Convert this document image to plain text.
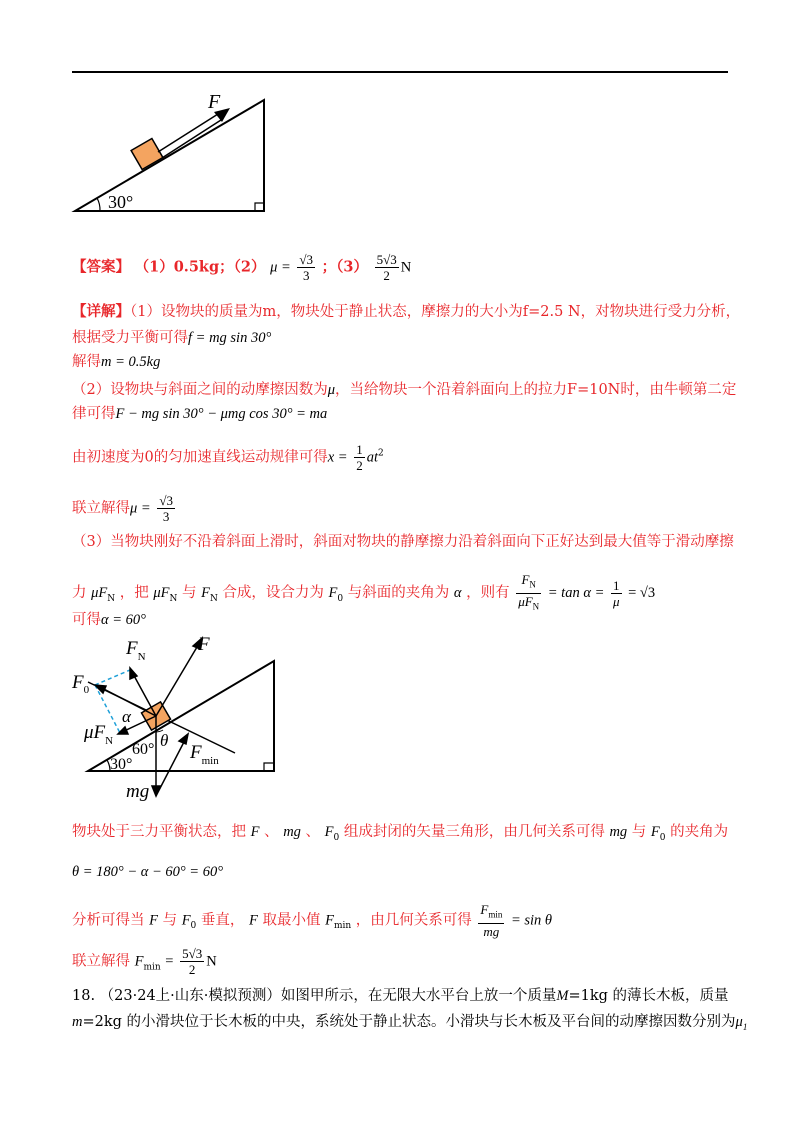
F
30°
【答案】 （1）0.5kg；（2） $\mu = \frac{√3}{3}$ ；$(3) \frac{5√3}{2}$ N
【详解】（1）设物块的质量为m，物块处于静止状态，摩擦力的大小为f=2.5 N，对物块进行受力分析，
根据受力平衡可得f = mg sin 30°
解得m = 0.5kg
（2）设物块与斜面之间的动摩擦因数为μ，当给物块一个沿着斜面向上的拉力F=10N时，由牛顿第二定
律可得F − mg sin 30° − μmg cos 30° = ma
由初速度为0的匀加速直线运动规律可得$x = \frac{1}{2} at^2$
联立解得$\mu = \frac{√3}{3}$
（3）当物块刚好不沿着斜面上滑时，斜面对物块的静摩擦力沿着斜面向下正好达到最大值等于滑动摩擦
力 $\mu F_N$ ，把 $\mu F_N$ 与 $F_N$ 合成，设合力为 $F_0$ 与斜面的夹角为 α ，则有 $\frac{F_N}{\mu F_N} = \tan \alpha = \frac{1}{\mu} = √3$
可得α = 60°
F
$F_N$
$F_0$
α
$\mu F_N$ 60° θ
$F_{min}$
30°
mg
物块处于三力平衡状态，把 F 、 mg 、 $F_0$ 组成封闭的矢量三角形，由几何关系可得 mg 与 $F_0$ 的夹角为
θ = 180° − α − 60° = 60°
分析可得当 F 与 $F_0$ 垂直， F 取最小值 $F_{min}$ ，由几何关系可得 $\frac{F_{min}}{mg} = \sin \theta$
联立解得 $F_{min} = \frac{5√3}{2}$ N
18. （23·24上·山东·模拟预测）如图甲所示，在无限大水平台上放一个质量M=1kg 的薄长木板，质量
m=2kg 的小滑块位于长木板的中央，系统处于静止状态。小滑块与长木板及平台间的动摩擦因数分别为$\mu_1$
